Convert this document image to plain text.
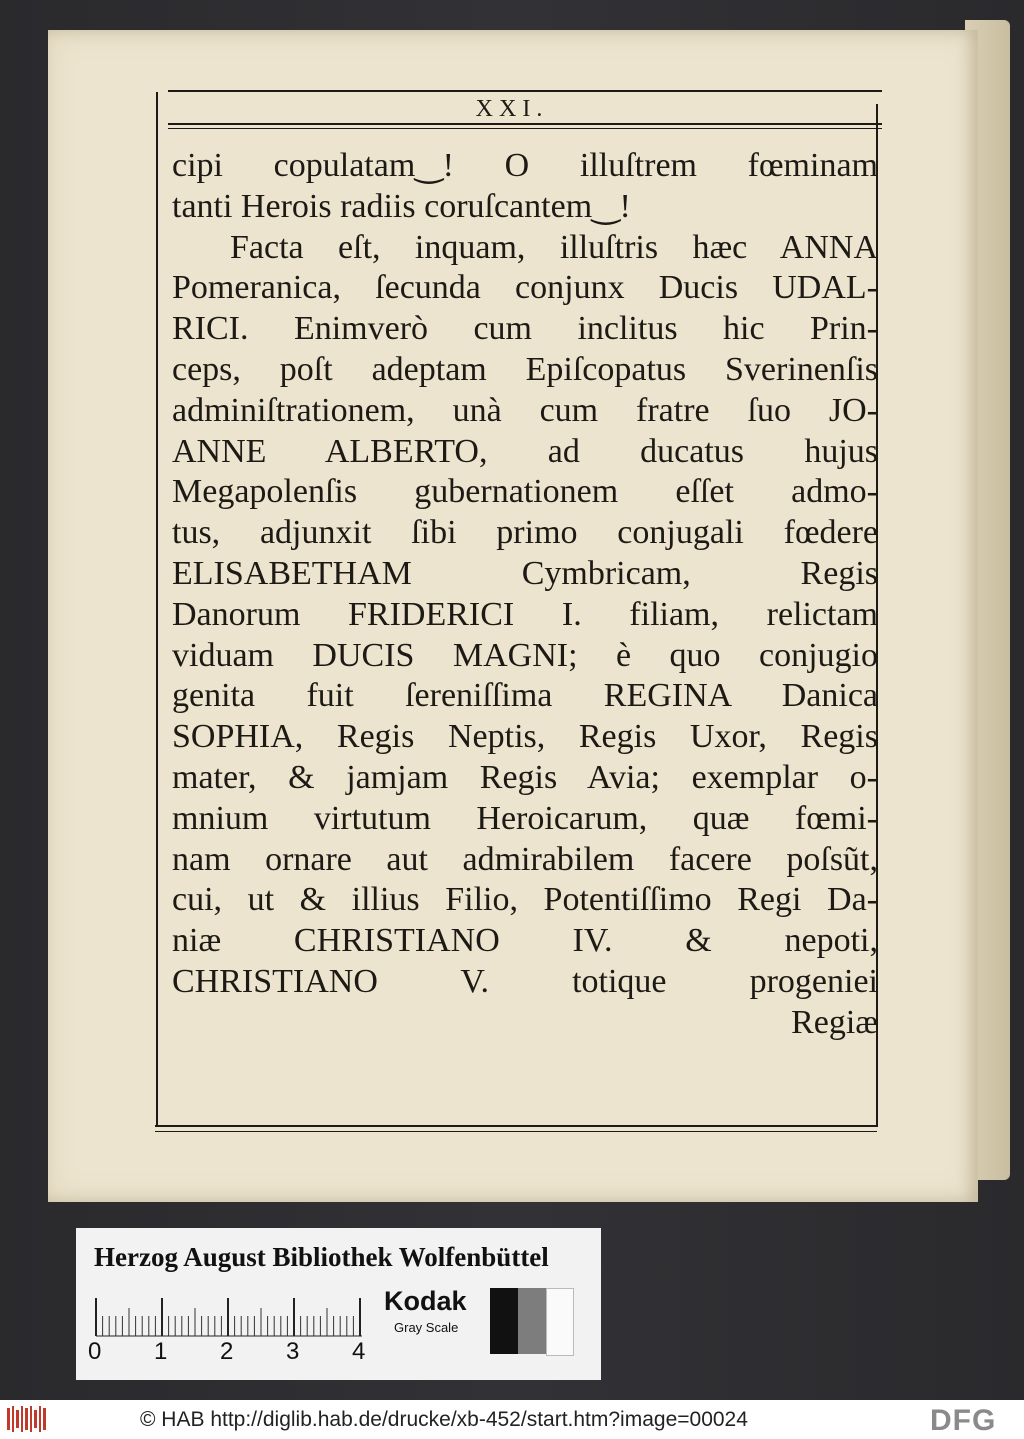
XXI.
cipi copulatam‿! O illuſtrem fœminam
tanti Herois radiis coruſcantem‿!
Facta eſt, inquam, illuſtris hæc ANNA
Pomeranica, ſecunda conjunx Ducis UDAL-
RICI. Enimverò cum inclitus hic Prin-
ceps, poſt adeptam Epiſcopatus Sverinenſis
adminiſtrationem, unà cum fratre ſuo JO-
ANNE ALBERTO, ad ducatus hujus
Megapolenſis gubernationem eſſet admo-
tus, adjunxit ſibi primo conjugali fœdere
ELISABETHAM Cymbricam, Regis
Danorum FRIDERICI I. filiam, relictam
viduam DUCIS MAGNI; è quo conjugio
genita fuit ſereniſſima REGINA Danica
SOPHIA, Regis Neptis, Regis Uxor, Regis
mater, & jamjam Regis Avia; exemplar o-
mnium virtutum Heroicarum, quæ fœmi-
nam ornare aut admirabilem facere poſsũt,
cui, ut & illius Filio, Potentiſſimo Regi Da-
niæ CHRISTIANO IV. & nepoti,
CHRISTIANO V. totique progeniei
Regiæ
Herzog August Bibliothek Wolfenbüttel
0 1 2 3 4
Kodak
Gray Scale
© HAB http://diglib.hab.de/drucke/xb-452/start.htm?image=00024	DFG
